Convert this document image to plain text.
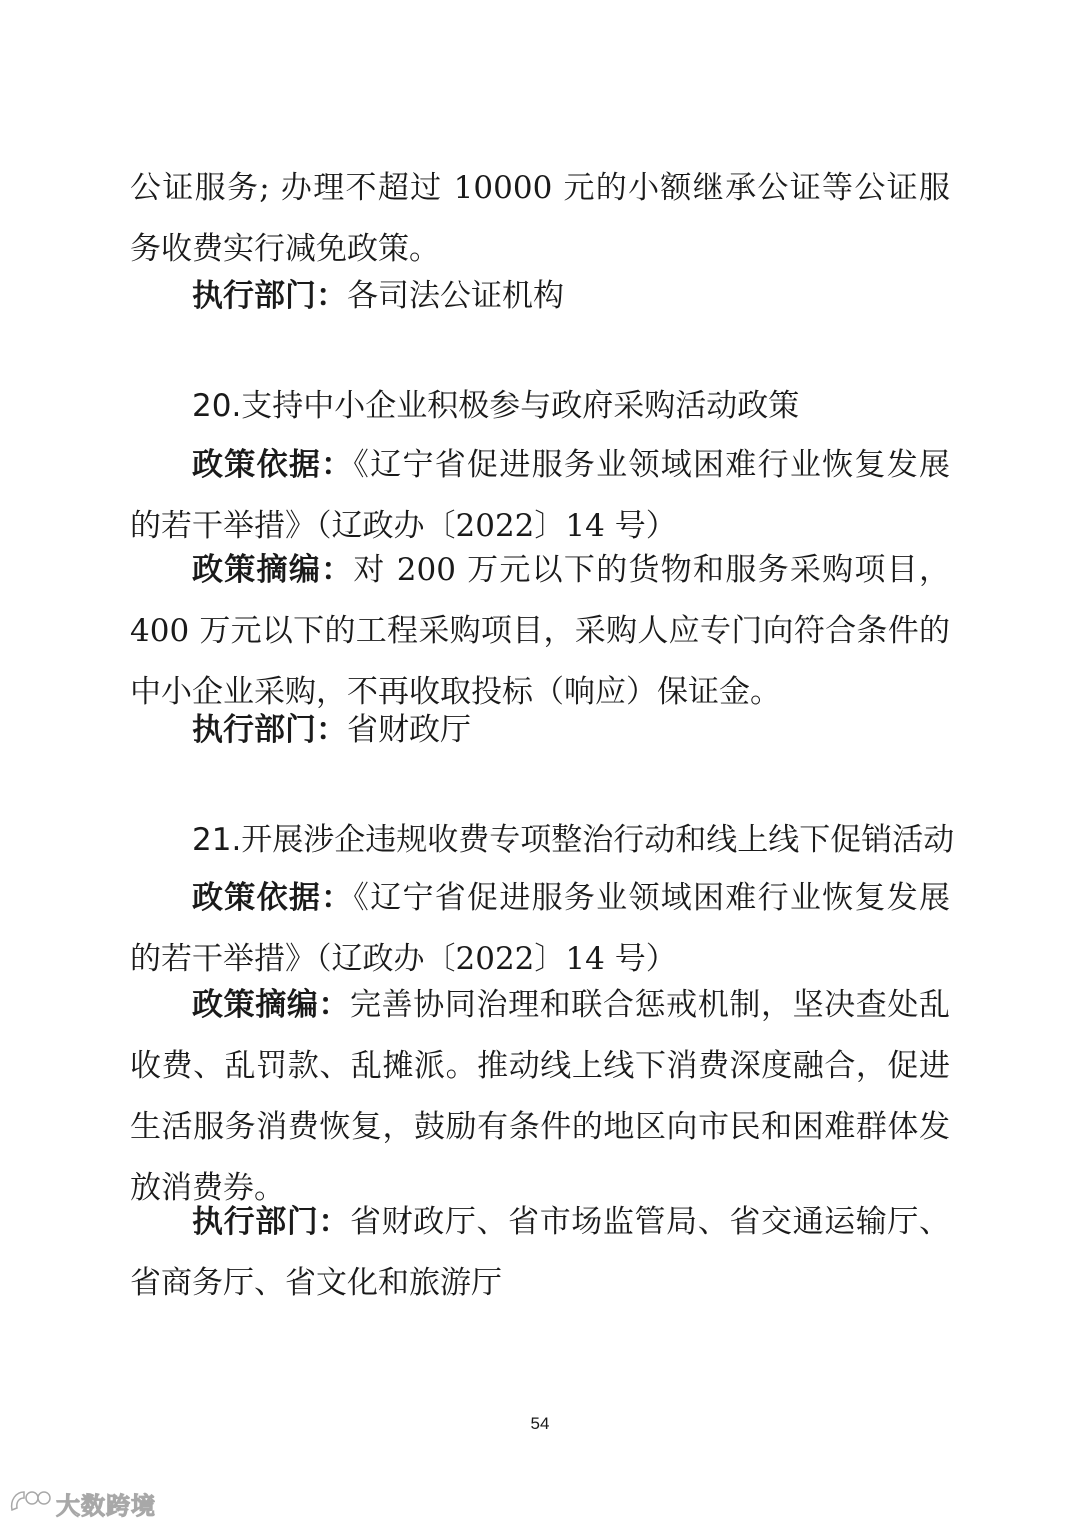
公证服务; 办理不超过 10000 元的小额继承公证等公证服务收费实行减免政策。

执行部门：各司法公证机构

20.支持中小企业积极参与政府采购活动政策

政策依据：《辽宁省促进服务业领域困难行业恢复发展的若干举措》（辽政办〔2022〕14 号）

政策摘编：对 200 万元以下的货物和服务采购项目，400 万元以下的工程采购项目，采购人应专门向符合条件的中小企业采购，不再收取投标（响应）保证金。

执行部门：省财政厅

21.开展涉企违规收费专项整治行动和线上线下促销活动

政策依据：《辽宁省促进服务业领域困难行业恢复发展的若干举措》（辽政办〔2022〕14 号）

政策摘编：完善协同治理和联合惩戒机制，坚决查处乱收费、乱罚款、乱摊派。推动线上线下消费深度融合，促进生活服务消费恢复，鼓励有条件的地区向市民和困难群体发放消费券。

执行部门：省财政厅、省市场监管局、省交通运输厅、省商务厅、省文化和旅游厅

54
大数跨境
